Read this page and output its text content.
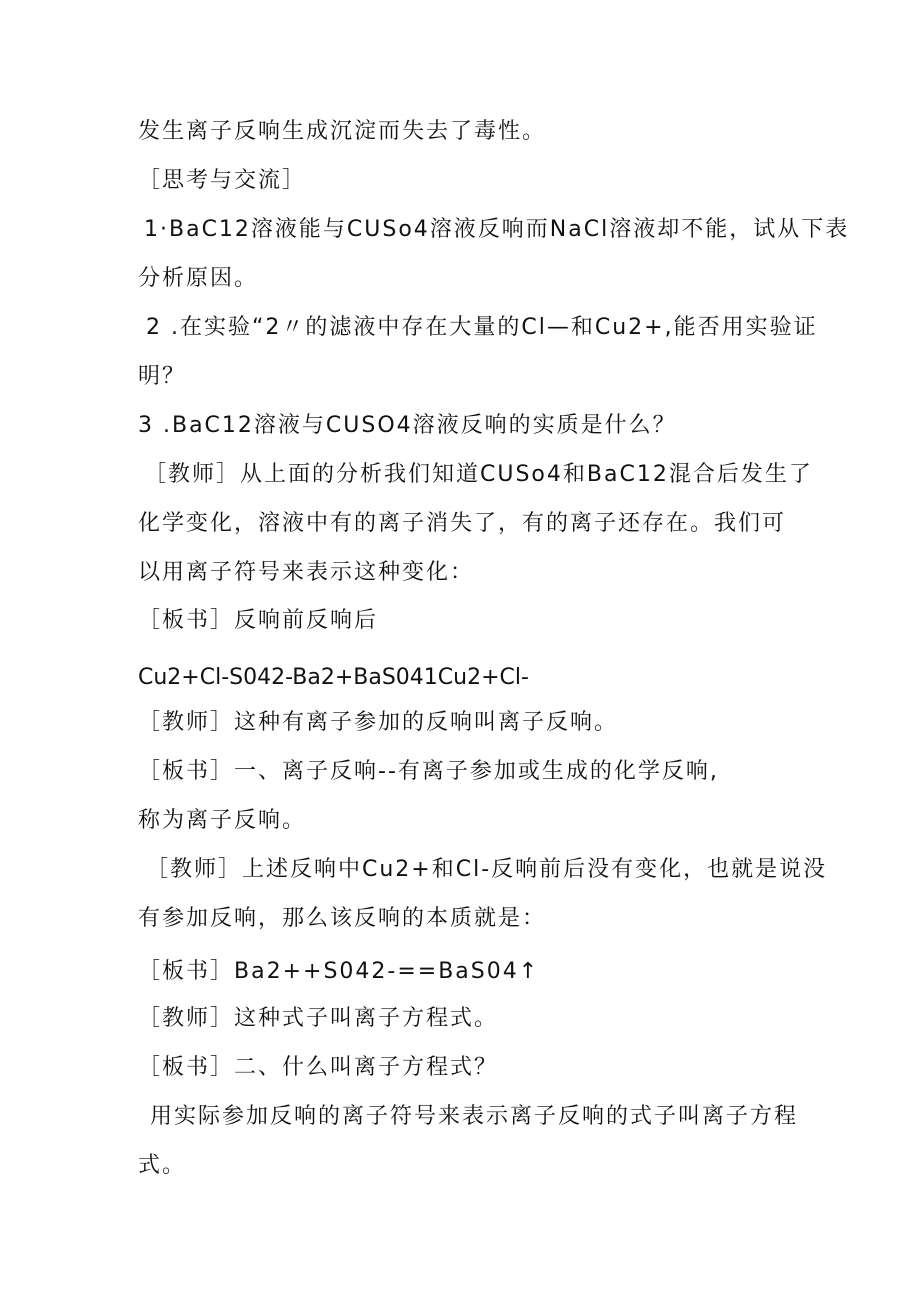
发生离子反响生成沉淀而失去了毒性。
［思考与交流］
1·BaC12溶液能与CUSo4溶液反响而NaCl溶液却不能，试从下表
分析原因。
2 .在实验“2〃的滤液中存在大量的Cl—和Cu2+,能否用实验证
明？
3 .BaC12溶液与CUSO4溶液反响的实质是什么？
［教师］从上面的分析我们知道CUSo4和BaC12混合后发生了
化学变化，溶液中有的离子消失了，有的离子还存在。我们可
以用离子符号来表示这种变化：
［板书］反响前反响后
Cu2+Cl-S042-Ba2+BaS041Cu2+Cl-
［教师］这种有离子参加的反响叫离子反响。
［板书］一、离子反响--有离子参加或生成的化学反响,
称为离子反响。
［教师］上述反响中Cu2+和Cl-反响前后没有变化，也就是说没
有参加反响，那么该反响的本质就是：
［板书］Ba2++S042-==BaS04↑
［教师］这种式子叫离子方程式。
［板书］二、什么叫离子方程式？
用实际参加反响的离子符号来表示离子反响的式子叫离子方程
式。
